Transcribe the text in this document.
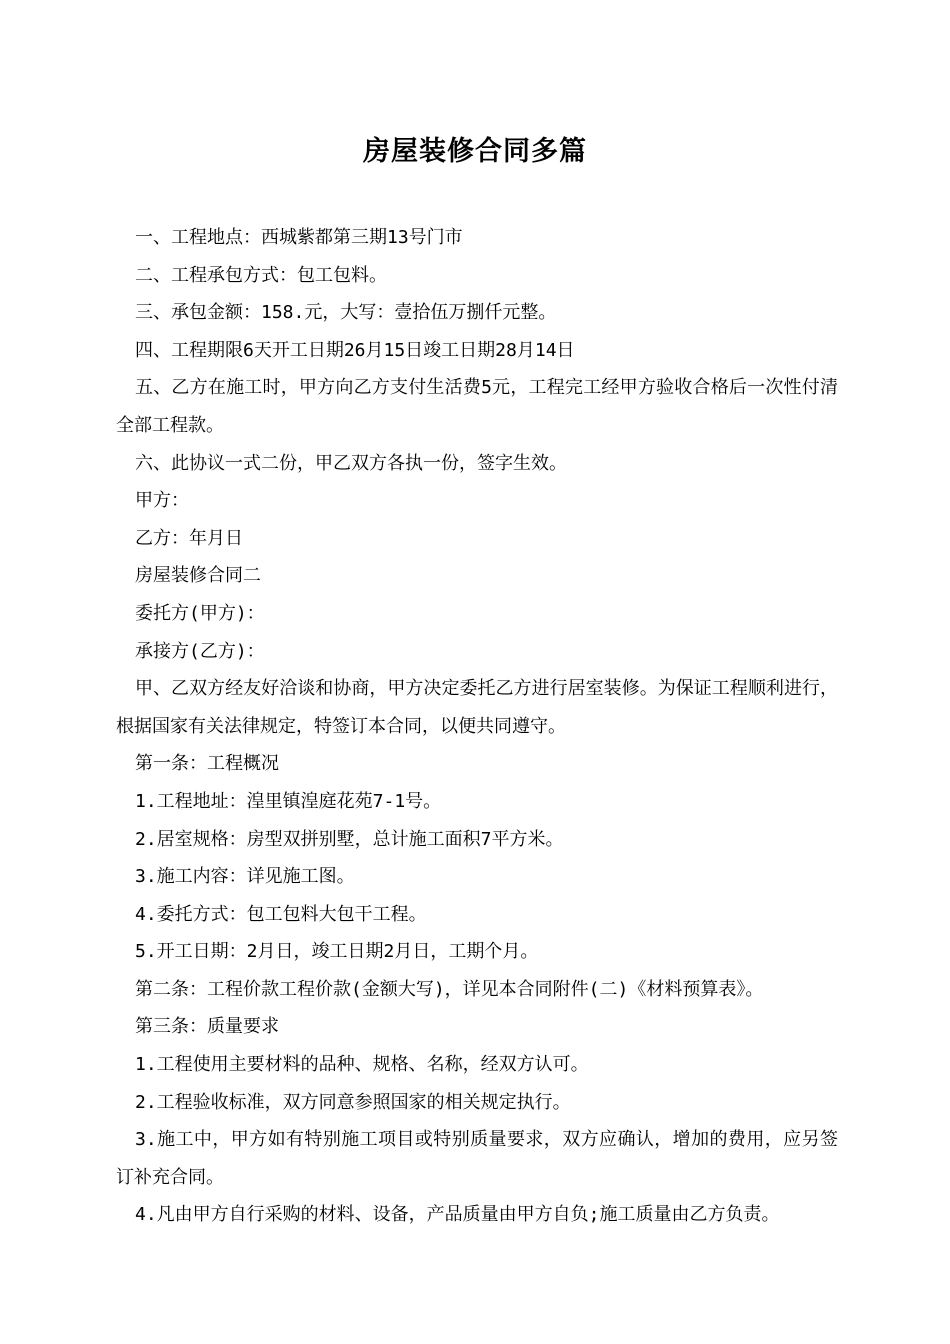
房屋装修合同多篇

一、工程地点：西城紫都第三期13号门市

二、工程承包方式：包工包料。

三、承包金额：158.元，大写：壹拾伍万捌仟元整。

四、工程期限6天开工日期26月15日竣工日期28月14日

五、乙方在施工时，甲方向乙方支付生活费5元，工程完工经甲方验收合格后一次性付清全部工程款。

六、此协议一式二份，甲乙双方各执一份，签字生效。

甲方：

乙方：年月日

房屋装修合同二

委托方(甲方)：

承接方(乙方)：

甲、乙双方经友好洽谈和协商，甲方决定委托乙方进行居室装修。为保证工程顺利进行，根据国家有关法律规定，特签订本合同，以便共同遵守。

第一条：工程概况

1.工程地址：湟里镇湟庭花苑7-1号。

2.居室规格：房型双拼别墅，总计施工面积7平方米。

3.施工内容：详见施工图。

4.委托方式：包工包料大包干工程。

5.开工日期：2月日，竣工日期2月日，工期个月。

第二条：工程价款工程价款(金额大写)，详见本合同附件(二)《材料预算表》。

第三条：质量要求

1.工程使用主要材料的品种、规格、名称，经双方认可。

2.工程验收标准，双方同意参照国家的相关规定执行。

3.施工中，甲方如有特别施工项目或特别质量要求，双方应确认，增加的费用，应另签订补充合同。

4.凡由甲方自行采购的材料、设备，产品质量由甲方自负;施工质量由乙方负责。
